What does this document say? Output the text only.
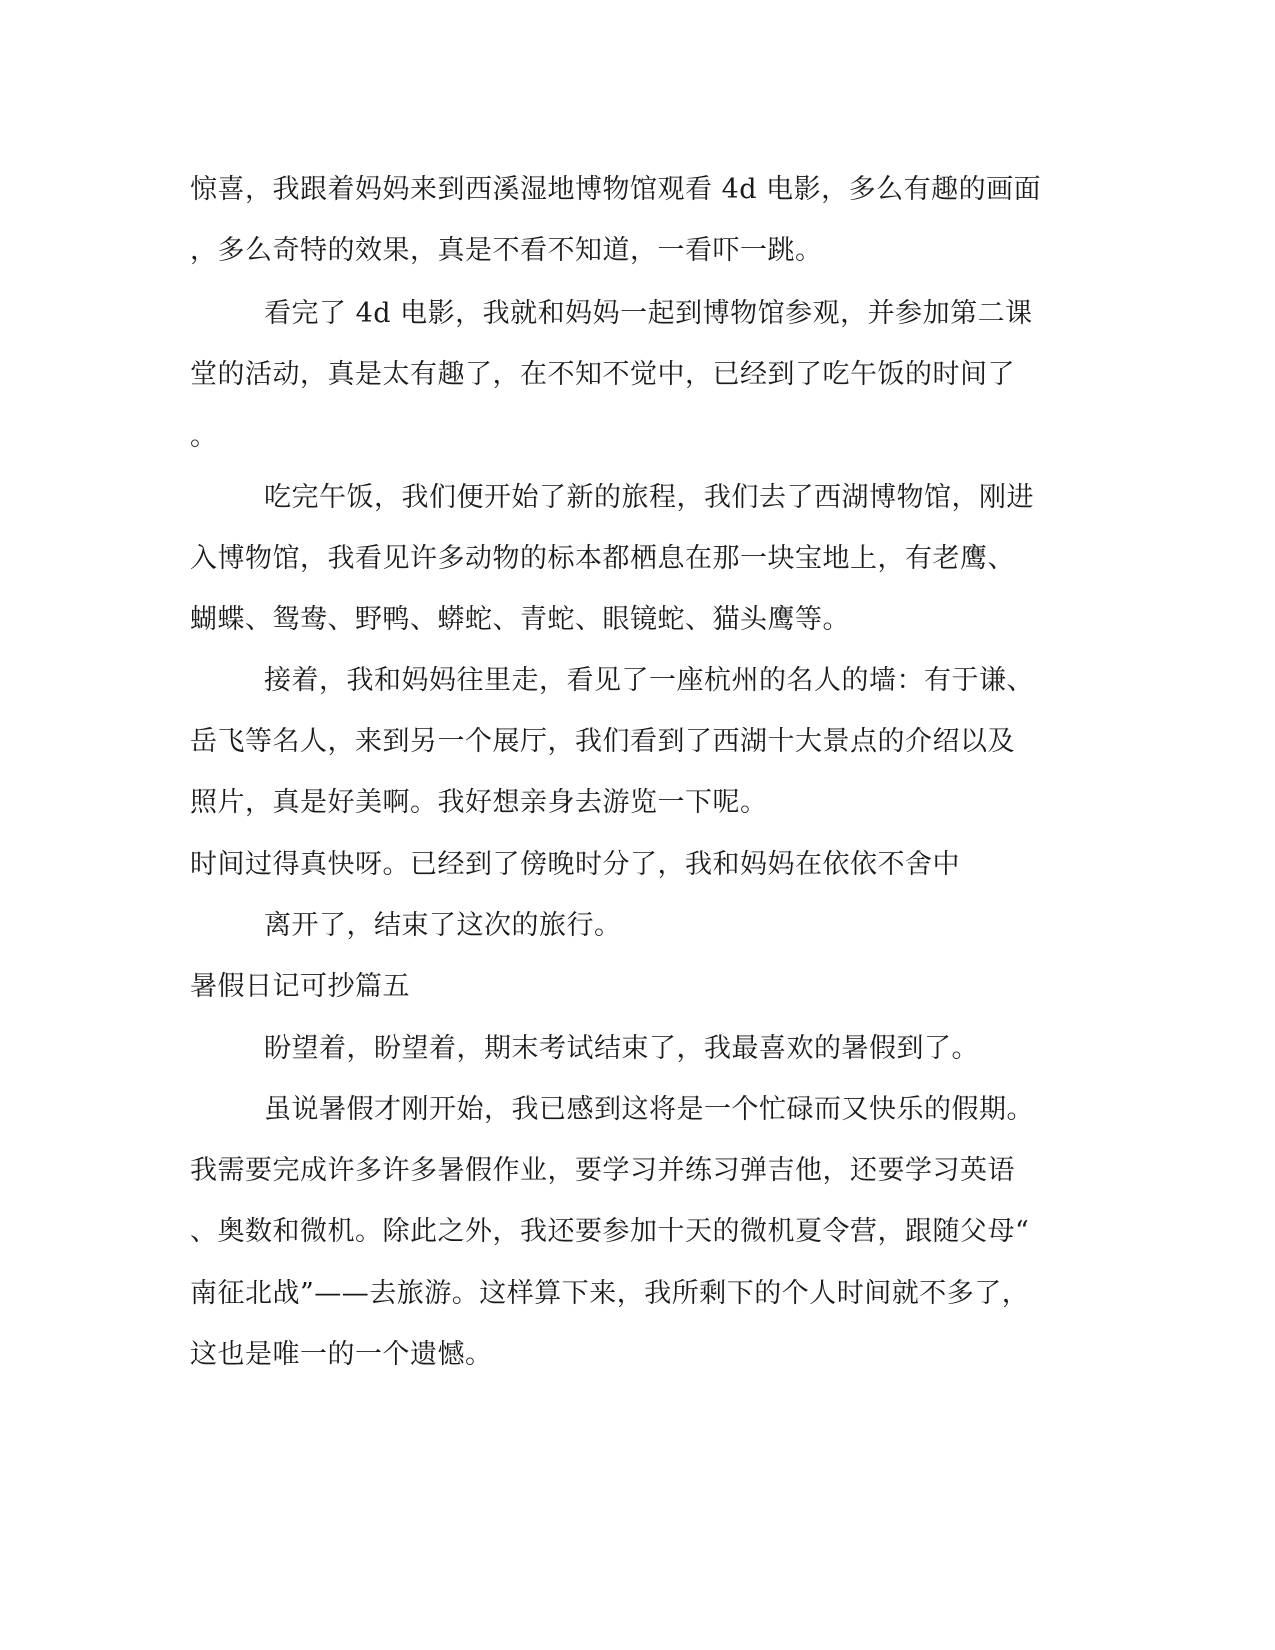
惊喜，我跟着妈妈来到西溪湿地博物馆观看 4d 电影，多么有趣的画面
，多么奇特的效果，真是不看不知道，一看吓一跳。
看完了 4d 电影，我就和妈妈一起到博物馆参观，并参加第二课
堂的活动，真是太有趣了，在不知不觉中，已经到了吃午饭的时间了
。
吃完午饭，我们便开始了新的旅程，我们去了西湖博物馆，刚进
入博物馆，我看见许多动物的标本都栖息在那一块宝地上，有老鹰、
蝴蝶、鸳鸯、野鸭、蟒蛇、青蛇、眼镜蛇、猫头鹰等。
接着，我和妈妈往里走，看见了一座杭州的名人的墙：有于谦、
岳飞等名人，来到另一个展厅，我们看到了西湖十大景点的介绍以及
照片，真是好美啊。我好想亲身去游览一下呢。
时间过得真快呀。已经到了傍晚时分了，我和妈妈在依依不舍中
离开了，结束了这次的旅行。
暑假日记可抄篇五
盼望着，盼望着，期末考试结束了，我最喜欢的暑假到了。
虽说暑假才刚开始，我已感到这将是一个忙碌而又快乐的假期。
我需要完成许多许多暑假作业，要学习并练习弹吉他，还要学习英语
、奥数和微机。除此之外，我还要参加十天的微机夏令营，跟随父母“
南征北战”——去旅游。这样算下来，我所剩下的个人时间就不多了，
这也是唯一的一个遗憾。
